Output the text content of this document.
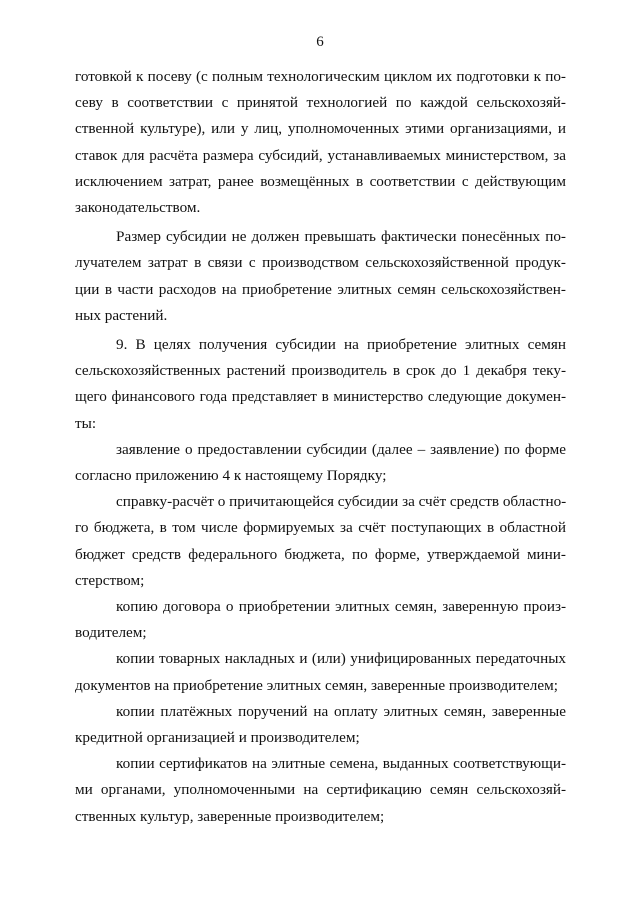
6
готовкой к посеву (с полным технологическим циклом их подготовки к по-
севу в соответствии с принятой технологией по каждой сельскохозяй-
ственной культуре), или у лиц, уполномоченных этими организациями, и
ставок для расчёта размера субсидий, устанавливаемых министерством, за
исключением затрат, ранее возмещённых в соответствии с действующим
законодательством.
Размер субсидии не должен превышать фактически понесённых по-
лучателем затрат в связи с производством сельскохозяйственной продук-
ции в части расходов на приобретение элитных семян сельскохозяйствен-
ных растений.
9. В целях получения субсидии на приобретение элитных семян
сельскохозяйственных растений производитель в срок до 1 декабря теку-
щего финансового года представляет в министерство следующие докумен-
ты:
заявление о предоставлении субсидии (далее – заявление) по форме
согласно приложению 4 к настоящему Порядку;
справку-расчёт о причитающейся субсидии за счёт средств областно-
го бюджета, в том числе формируемых за счёт поступающих в областной
бюджет средств федерального бюджета, по форме, утверждаемой мини-
стерством;
копию договора о приобретении элитных семян, заверенную произ-
водителем;
копии товарных накладных и (или) унифицированных передаточных
документов на приобретение элитных семян, заверенные производителем;
копии платёжных поручений на оплату элитных семян, заверенные
кредитной организацией и производителем;
копии сертификатов на элитные семена, выданных соответствующи-
ми органами, уполномоченными на сертификацию семян сельскохозяй-
ственных культур, заверенные производителем;
